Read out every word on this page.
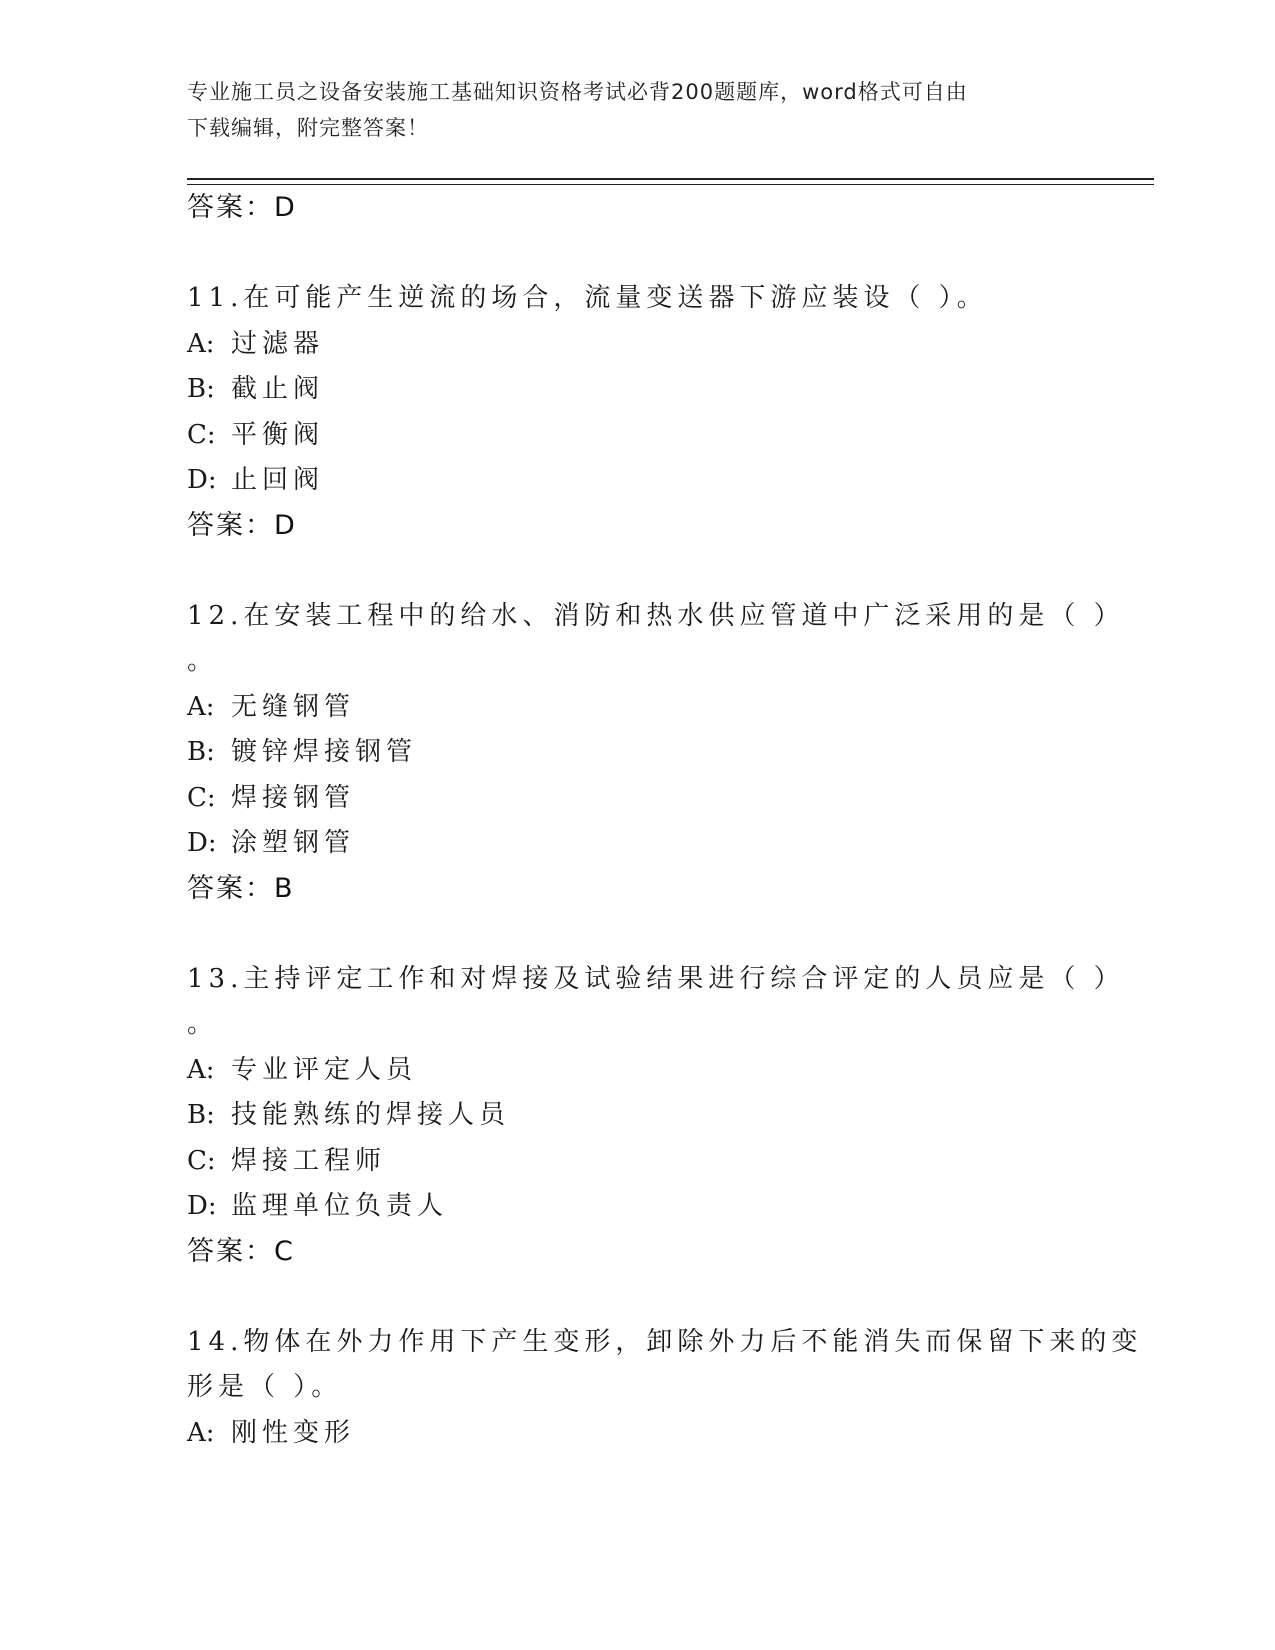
专业施工员之设备安装施工基础知识资格考试必背200题题库，word格式可自由
下载编辑，附完整答案！
答案：D
11.在可能产生逆流的场合，流量变送器下游应装设（ ）。
A: 过滤器
B: 截止阀
C: 平衡阀
D: 止回阀
答案：D
12.在安装工程中的给水、消防和热水供应管道中广泛采用的是（ ）
。
A: 无缝钢管
B: 镀锌焊接钢管
C: 焊接钢管
D: 涂塑钢管
答案：B
13.主持评定工作和对焊接及试验结果进行综合评定的人员应是（ ）
。
A: 专业评定人员
B: 技能熟练的焊接人员
C: 焊接工程师
D: 监理单位负责人
答案：C
14.物体在外力作用下产生变形，卸除外力后不能消失而保留下来的变
形是（ ）。
A: 刚性变形
